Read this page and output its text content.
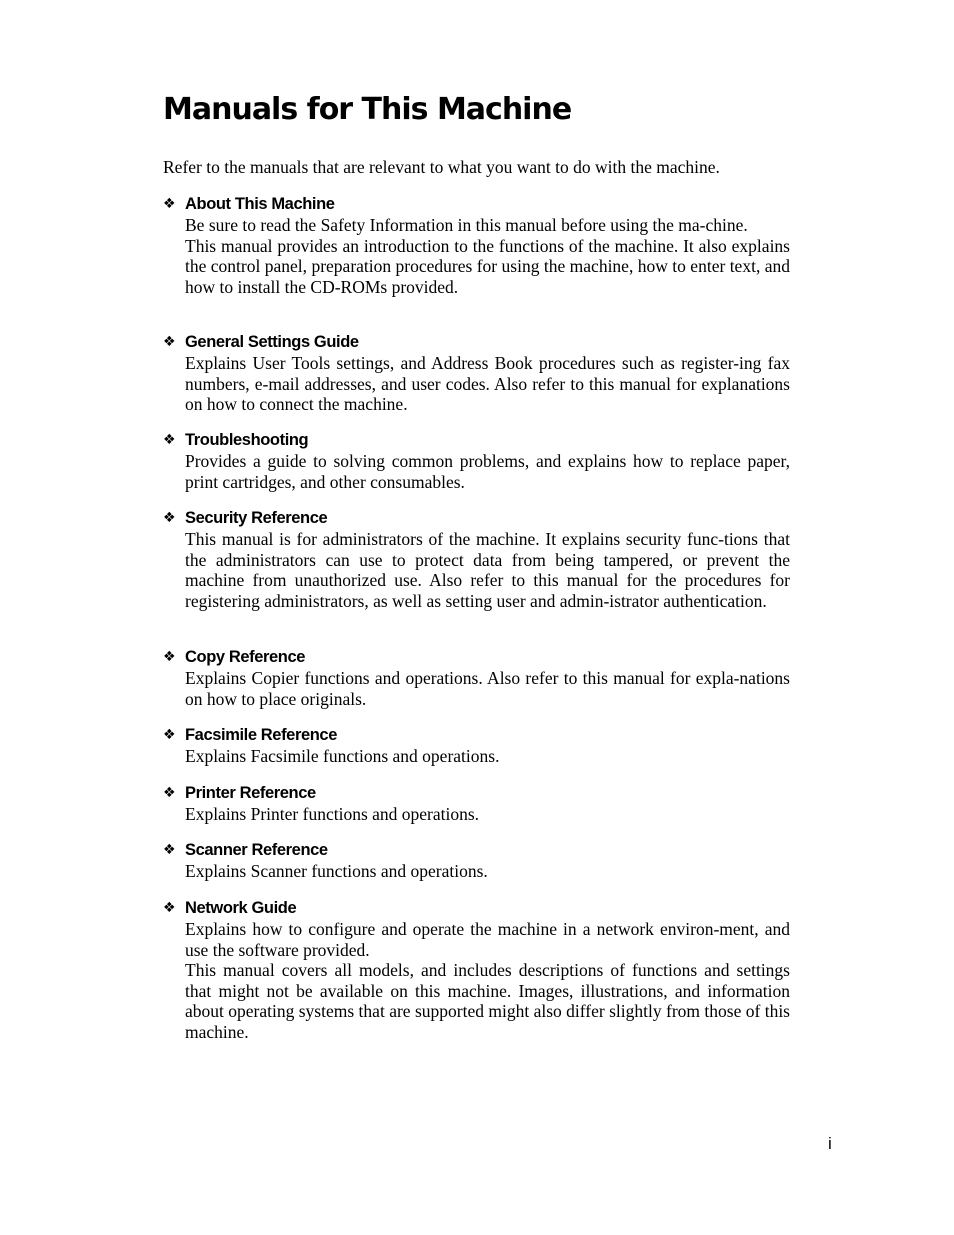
Manuals for This Machine

Refer to the manuals that are relevant to what you want to do with the machine.

❖ About This Machine

Be sure to read the Safety Information in this manual before using the ma-chine.

This manual provides an introduction to the functions of the machine. It also explains the control panel, preparation procedures for using the machine, how to enter text, and how to install the CD-ROMs provided.

❖ General Settings Guide

Explains User Tools settings, and Address Book procedures such as register-ing fax numbers, e-mail addresses, and user codes. Also refer to this manual for explanations on how to connect the machine.

❖ Troubleshooting

Provides a guide to solving common problems, and explains how to replace paper, print cartridges, and other consumables.

❖ Security Reference

This manual is for administrators of the machine. It explains security func-tions that the administrators can use to protect data from being tampered, or prevent the machine from unauthorized use. Also refer to this manual for the procedures for registering administrators, as well as setting user and admin-istrator authentication.

❖ Copy Reference

Explains Copier functions and operations. Also refer to this manual for expla-nations on how to place originals.

❖ Facsimile Reference

Explains Facsimile functions and operations.

❖ Printer Reference

Explains Printer functions and operations.

❖ Scanner Reference

Explains Scanner functions and operations.

❖ Network Guide

Explains how to configure and operate the machine in a network environ-ment, and use the software provided.

This manual covers all models, and includes descriptions of functions and settings that might not be available on this machine. Images, illustrations, and information about operating systems that are supported might also differ slightly from those of this machine.

i
